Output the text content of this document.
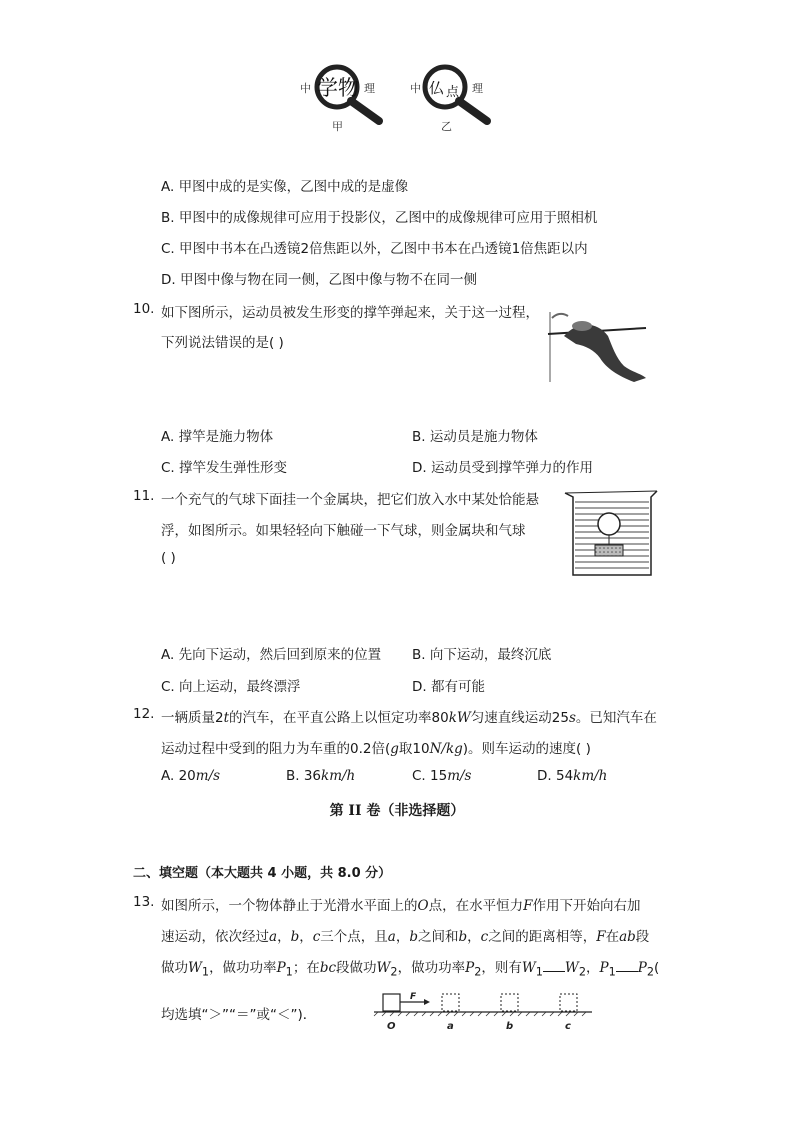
中 学物 理
甲
中 仏 点 理
乙
A. 甲图中成的是实像，乙图中成的是虚像
B. 甲图中的成像规律可应用于投影仪，乙图中的成像规律可应用于照相机
C. 甲图中书本在凸透镜2倍焦距以外，乙图中书本在凸透镜1倍焦距以内
D. 甲图中像与物在同一侧，乙图中像与物不在同一侧
10. 如下图所示，运动员被发生形变的撑竿弹起来，关于这一过程，
下列说法错误的是( )
A. 撑竿是施力物体	B. 运动员是施力物体
C. 撑竿发生弹性形变	D. 运动员受到撑竿弹力的作用
11. 一个充气的气球下面挂一个金属块，把它们放入水中某处恰能悬
浮，如图所示。如果轻轻向下触碰一下气球，则金属块和气球
( )
A. 先向下运动，然后回到原来的位置 B. 向下运动，最终沉底
C. 向上运动，最终漂浮	D. 都有可能
12. 一辆质量2t的汽车，在平直公路上以恒定功率80kW匀速直线运动25s。已知汽车在
运动过程中受到的阻力为车重的0.2倍(g取10N/kg)。则车运动的速度( )
A. 20m/s	B. 36km/h	C. 15m/s	D. 54km/h
第 II 卷（非选择题）
二、填空题（本大题共 4 小题，共 8.0 分）
13. 如图所示，一个物体静止于光滑水平面上的O点，在水平恒力F作用下开始向右加
速运动，依次经过a，b，c三个点，且a，b之间和b，c之间的距离相等，F在ab段
做功$W_1$，做功功率$P_1$；在bc段做功$W_2$，做功功率$P_2$，则有$W_1$ $W_2$，$P_1$ $P_2$(
均选填“＞”“＝”或“＜”)．
F
O	a	b	c
